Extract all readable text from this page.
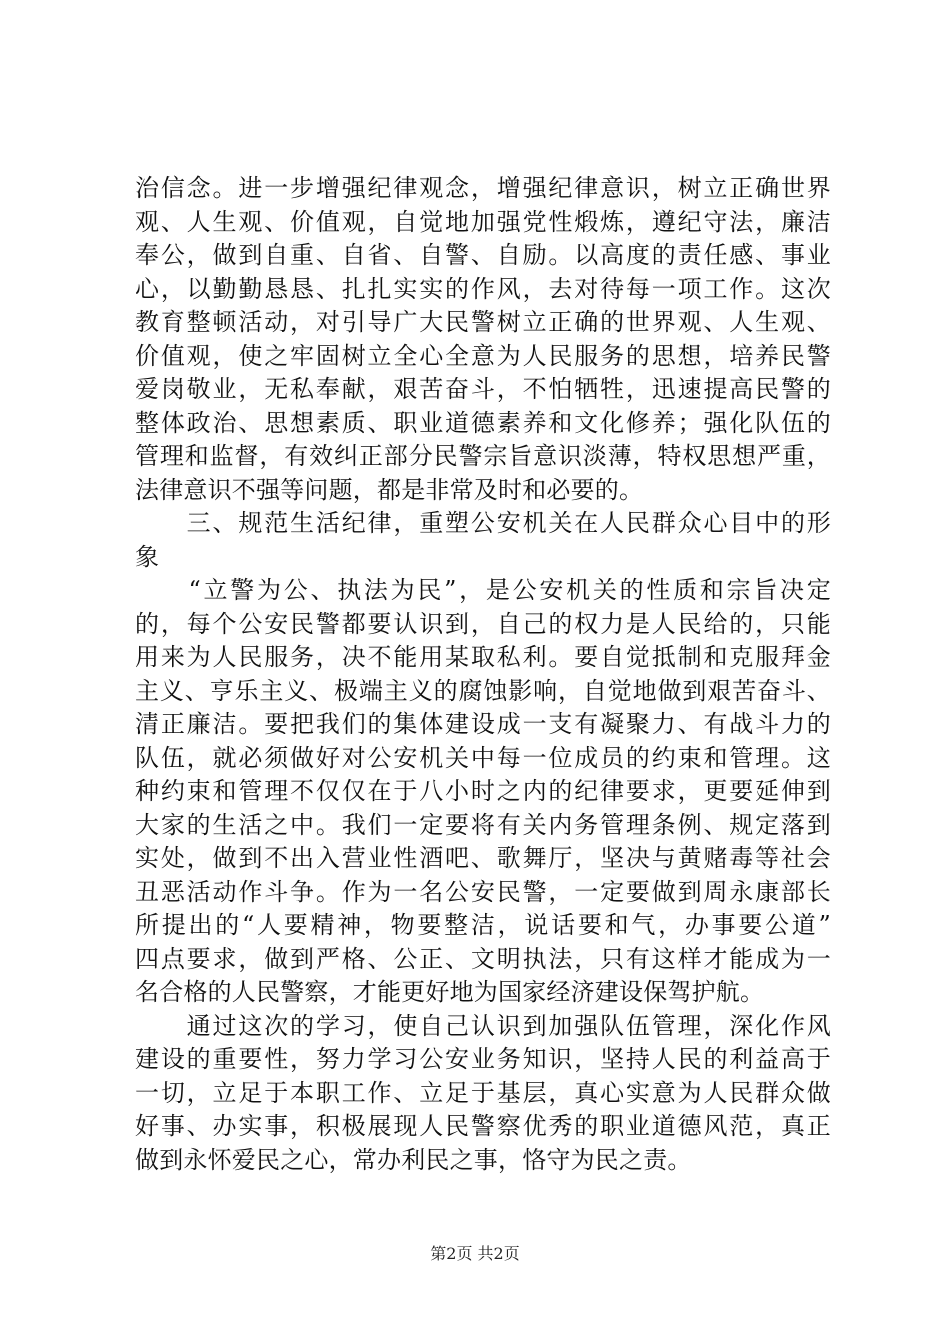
治信念。进一步增强纪律观念，增强纪律意识，树立正确世界
观、人生观、价值观，自觉地加强党性煅炼，遵纪守法，廉洁
奉公，做到自重、自省、自警、自励。以高度的责任感、事业
心，以勤勤恳恳、扎扎实实的作风，去对待每一项工作。这次
教育整顿活动，对引导广大民警树立正确的世界观、人生观、
价值观，使之牢固树立全心全意为人民服务的思想，培养民警
爱岗敬业，无私奉献，艰苦奋斗，不怕牺牲，迅速提高民警的
整体政治、思想素质、职业道德素养和文化修养；强化队伍的
管理和监督，有效纠正部分民警宗旨意识淡薄，特权思想严重，
法律意识不强等问题，都是非常及时和必要的。
　　三、规范生活纪律，重塑公安机关在人民群众心目中的形
象
　　“立警为公、执法为民”，是公安机关的性质和宗旨决定
的，每个公安民警都要认识到，自己的权力是人民给的，只能
用来为人民服务，决不能用某取私利。要自觉抵制和克服拜金
主义、亨乐主义、极端主义的腐蚀影响，自觉地做到艰苦奋斗、
清正廉洁。要把我们的集体建设成一支有凝聚力、有战斗力的
队伍，就必须做好对公安机关中每一位成员的约束和管理。这
种约束和管理不仅仅在于八小时之内的纪律要求，更要延伸到
大家的生活之中。我们一定要将有关内务管理条例、规定落到
实处，做到不出入营业性酒吧、歌舞厅，坚决与黄赌毒等社会
丑恶活动作斗争。作为一名公安民警，一定要做到周永康部长
所提出的“人要精神，物要整洁，说话要和气，办事要公道”
四点要求，做到严格、公正、文明执法，只有这样才能成为一
名合格的人民警察，才能更好地为国家经济建设保驾护航。
　　通过这次的学习，使自己认识到加强队伍管理，深化作风
建设的重要性，努力学习公安业务知识，坚持人民的利益高于
一切，立足于本职工作、立足于基层，真心实意为人民群众做
好事、办实事，积极展现人民警察优秀的职业道德风范，真正
做到永怀爱民之心，常办利民之事，恪守为民之责。
第2页 共2页
